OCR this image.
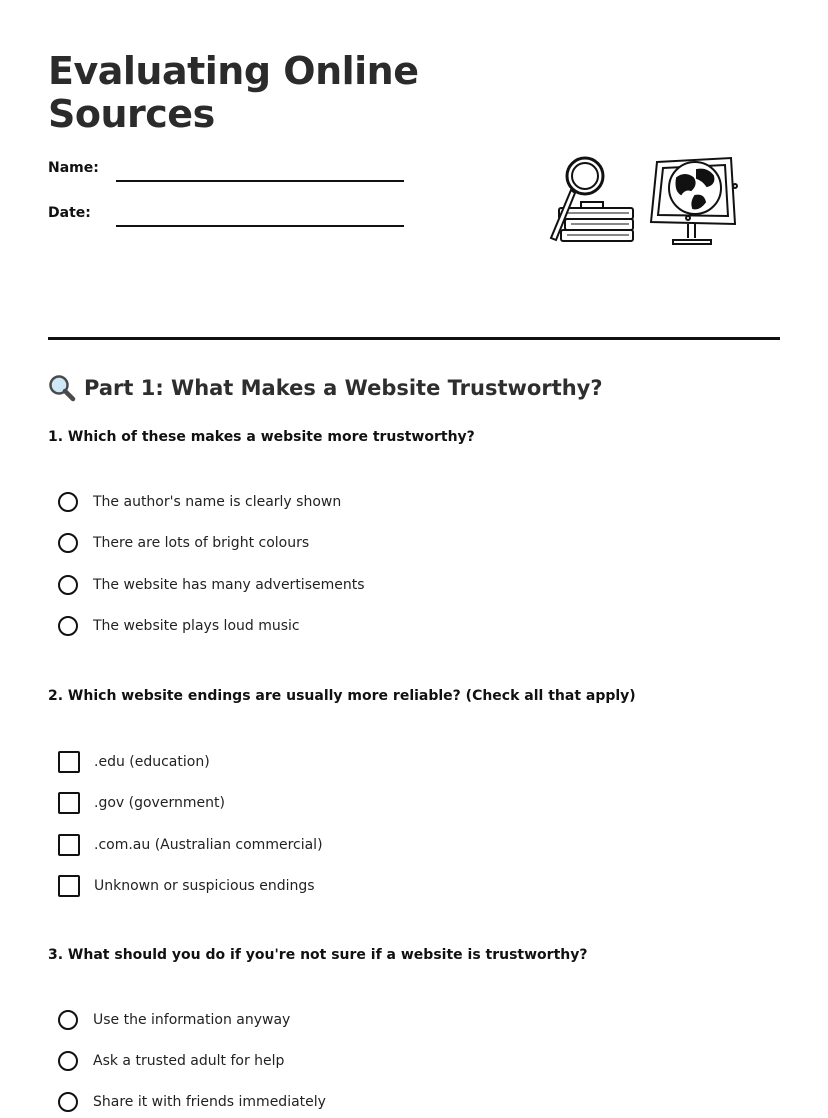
Evaluating Online
Sources
Name:
Date:
Part 1: What Makes a Website Trustworthy?

1. Which of these makes a website more trustworthy?

The author's name is clearly shown
There are lots of bright colours
The website has many advertisements
The website plays loud music

2. Which website endings are usually more reliable? (Check all that apply)

.edu (education)
.gov (government)
.com.au (Australian commercial)
Unknown or suspicious endings

3. What should you do if you're not sure if a website is trustworthy?

Use the information anyway
Ask a trusted adult for help
Share it with friends immediately
